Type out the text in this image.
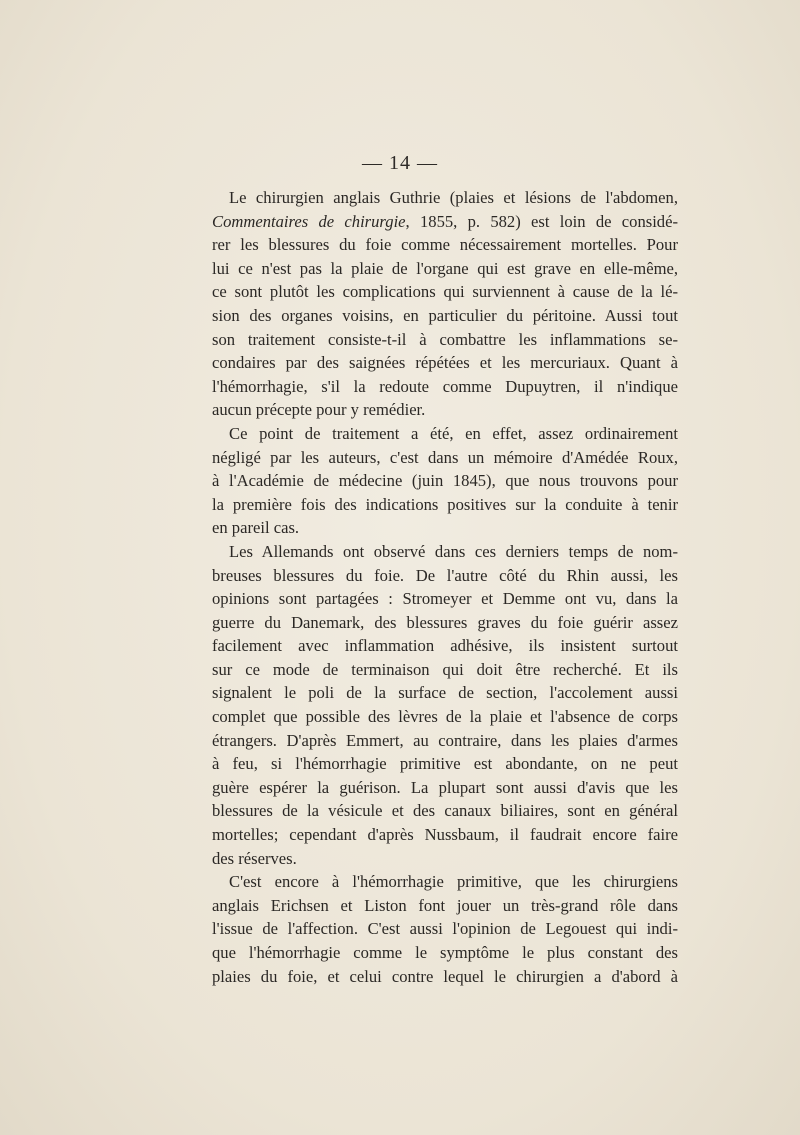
— 14 —
Le chirurgien anglais Guthrie (plaies et lésions de l'abdomen,
Commentaires de chirurgie, 1855, p. 582) est loin de considé-
rer les blessures du foie comme nécessairement mortelles. Pour
lui ce n'est pas la plaie de l'organe qui est grave en elle-même,
ce sont plutôt les complications qui surviennent à cause de la lé-
sion des organes voisins, en particulier du péritoine. Aussi tout
son traitement consiste-t-il à combattre les inflammations se-
condaires par des saignées répétées et les mercuriaux. Quant à
l'hémorrhagie, s'il la redoute comme Dupuytren, il n'indique
aucun précepte pour y remédier.
Ce point de traitement a été, en effet, assez ordinairement
négligé par les auteurs, c'est dans un mémoire d'Amédée Roux,
à l'Académie de médecine (juin 1845), que nous trouvons pour
la première fois des indications positives sur la conduite à tenir
en pareil cas.
Les Allemands ont observé dans ces derniers temps de nom-
breuses blessures du foie. De l'autre côté du Rhin aussi, les
opinions sont partagées : Stromeyer et Demme ont vu, dans la
guerre du Danemark, des blessures graves du foie guérir assez
facilement avec inflammation adhésive, ils insistent surtout
sur ce mode de terminaison qui doit être recherché. Et ils
signalent le poli de la surface de section, l'accolement aussi
complet que possible des lèvres de la plaie et l'absence de corps
étrangers. D'après Emmert, au contraire, dans les plaies d'armes
à feu, si l'hémorrhagie primitive est abondante, on ne peut
guère espérer la guérison. La plupart sont aussi d'avis que les
blessures de la vésicule et des canaux biliaires, sont en général
mortelles; cependant d'après Nussbaum, il faudrait encore faire
des réserves.
C'est encore à l'hémorrhagie primitive, que les chirurgiens
anglais Erichsen et Liston font jouer un très-grand rôle dans
l'issue de l'affection. C'est aussi l'opinion de Legouest qui indi-
que l'hémorrhagie comme le symptôme le plus constant des
plaies du foie, et celui contre lequel le chirurgien a d'abord à
